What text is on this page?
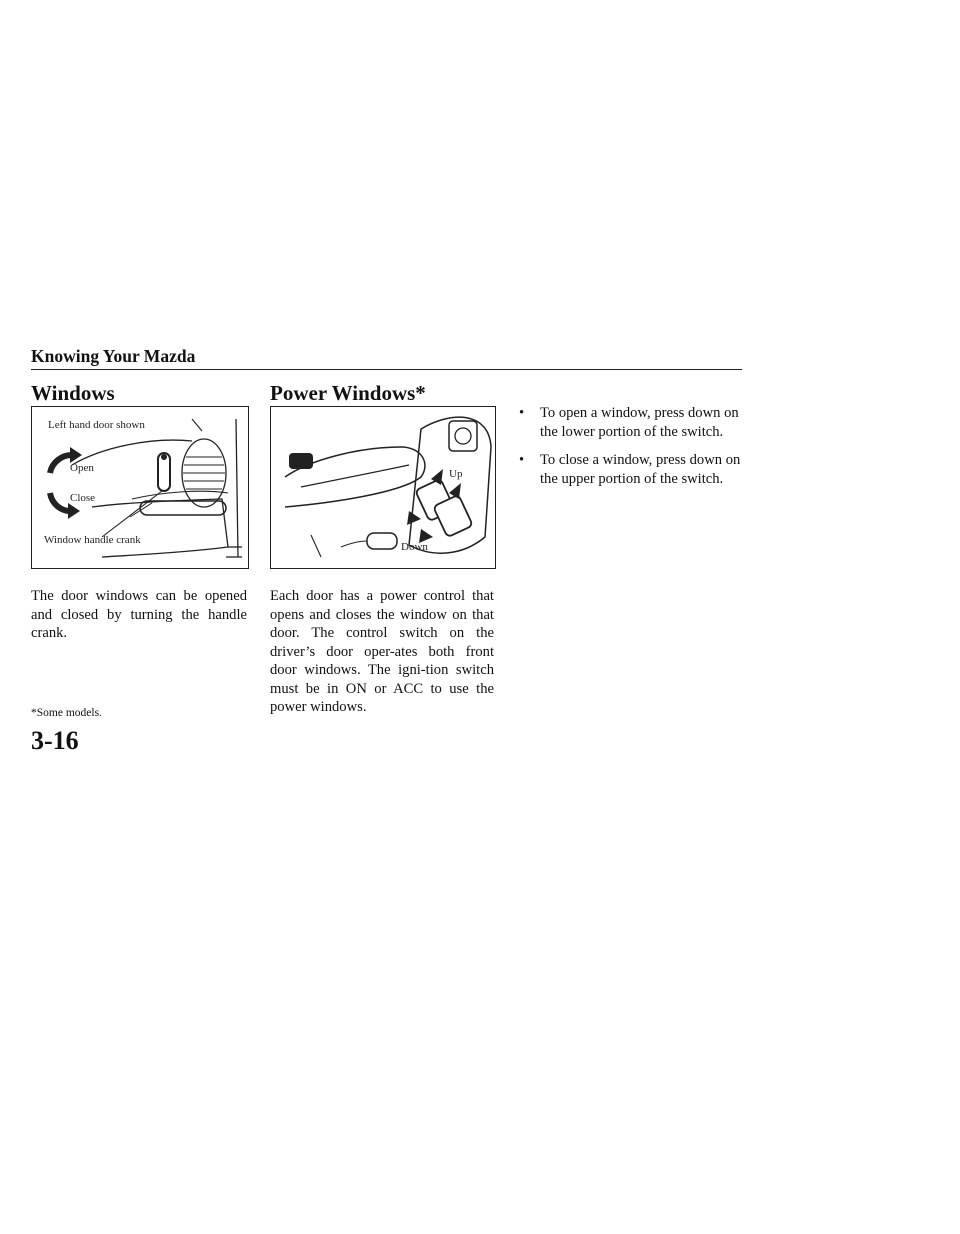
Knowing Your Mazda
Windows
Left hand door shown
Open
Close
Window handle crank
The door windows can be opened and closed by turning the handle crank.
Power Windows*
Up
Down
Each door has a power control that opens and closes the window on that door. The control switch on the driver’s door oper-ates both front door windows. The igni-tion switch must be in ON or ACC to use the power windows.
• To open a window, press down on the lower portion of the switch.
• To close a window, press down on the upper portion of the switch.
*Some models.
3-16
